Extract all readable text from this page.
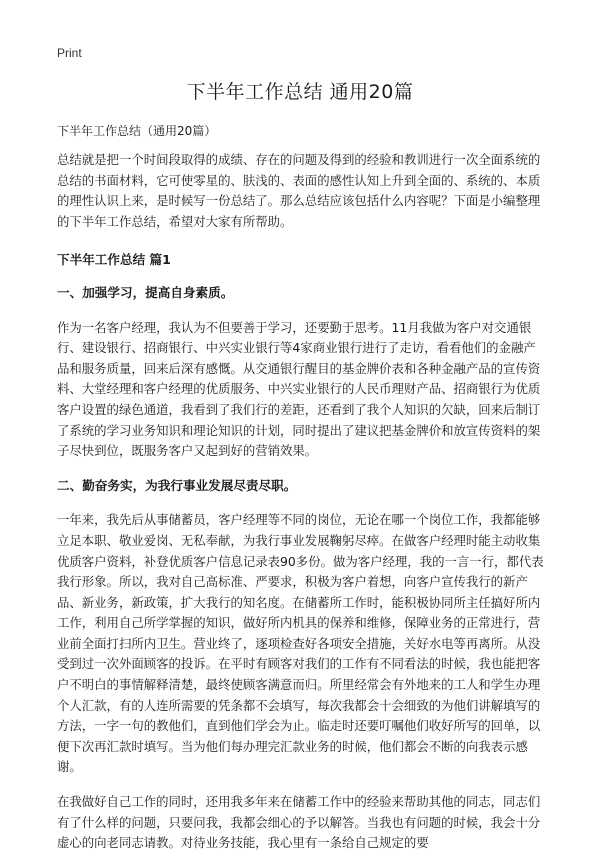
Print
下半年工作总结 通用20篇

下半年工作总结（通用20篇）

总结就是把一个时间段取得的成绩、存在的问题及得到的经验和教训进行一次全面系统的总结的书面材料，它可使零星的、肤浅的、表面的感性认知上升到全面的、系统的、本质的理性认识上来，是时候写一份总结了。那么总结应该包括什么内容呢？下面是小编整理的下半年工作总结，希望对大家有所帮助。

下半年工作总结 篇1
一、加强学习，提高自身素质。

作为一名客户经理，我认为不但要善于学习，还要勤于思考。11月我做为客户对交通银行、建设银行、招商银行、中兴实业银行等4家商业银行进行了走访，看看他们的金融产品和服务质量，回来后深有感慨。从交通银行醒目的基金牌价表和各种金融产品的宣传资料、大堂经理和客户经理的优质服务、中兴实业银行的人民币理财产品、招商银行为优质客户设置的绿色通道，我看到了我们行的差距，还看到了我个人知识的欠缺，回来后制订了系统的学习业务知识和理论知识的计划，同时提出了建议把基金牌价和放宣传资料的架子尽快到位，既服务客户又起到好的营销效果。

二、勤奋务实，为我行事业发展尽责尽职。

一年来，我先后从事储蓄员，客户经理等不同的岗位，无论在哪一个岗位工作，我都能够立足本职、敬业爱岗、无私奉献，为我行事业发展鞠躬尽瘁。在做客户经理时能主动收集优质客户资料，补登优质客户信息记录表90多份。做为客户经理，我的一言一行，都代表我行形象。所以，我对自己高标准、严要求，积极为客户着想，向客户宣传我行的新产品、新业务，新政策，扩大我行的知名度。在储蓄所工作时，能积极协同所主任搞好所内工作，利用自己所学掌握的知识，做好所内机具的保养和维修，保障业务的正常进行，营业前全面打扫所内卫生。营业终了，逐项检查好各项安全措施，关好水电等再离所。从没受到过一次外面顾客的投诉。在平时有顾客对我们的工作有不同看法的时候，我也能把客户不明白的事情解释清楚，最终使顾客满意而归。所里经常会有外地来的工人和学生办理个人汇款，有的人连所需要的凭条都不会填写，每次我都会十会细致的为他们讲解填写的方法，一字一句的教他们，直到他们学会为止。临走时还要叮嘱他们收好所写的回单，以便下次再汇款时填写。当为他们每办理完汇款业务的时候，他们都会不断的向我表示感谢。

在我做好自己工作的同时，还用我多年来在储蓄工作中的经验来帮助其他的同志，同志们有了什么样的问题，只要问我，我都会细心的予以解答。当我也有问题的时候，我会十分虚心的向老同志请教。对待业务技能，我心里有一条给自己规定的要
